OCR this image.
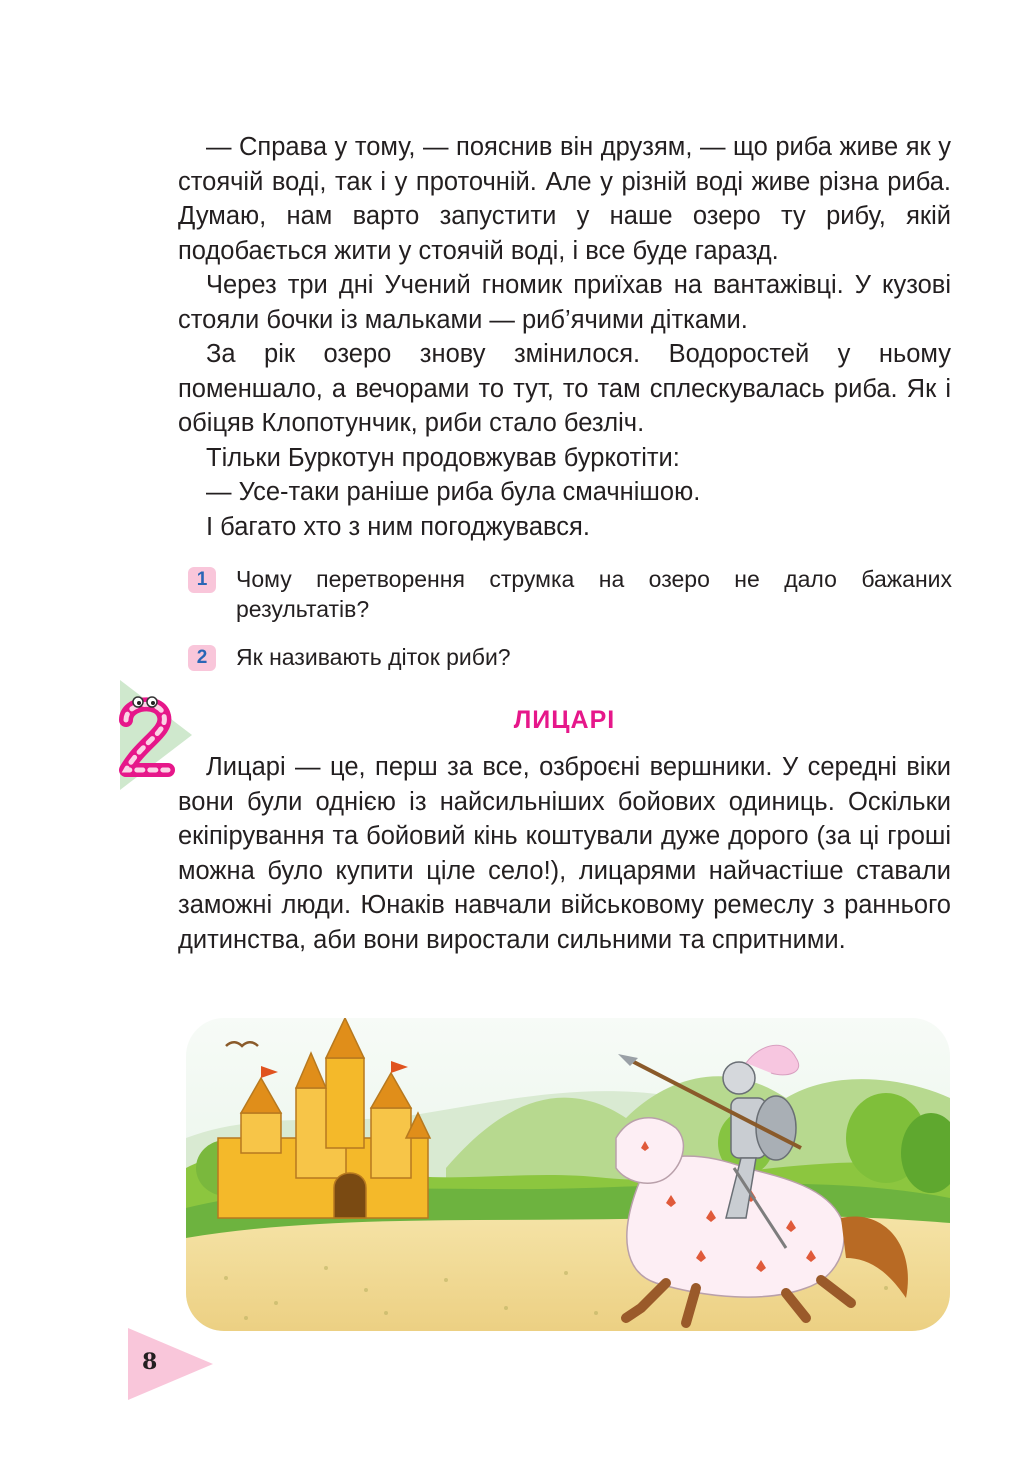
— Справа у тому, — пояснив він друзям, — що риба живе як у стоячій воді, так і у проточній. Але у різній воді живе різна риба. Думаю, нам варто запустити у наше озеро ту рибу, якій подобається жити у стоячій воді, і все буде гаразд.

Через три дні Учений гномик приїхав на вантажівці. У кузові стояли бочки із мальками — риб’ячими дітками.

За рік озеро знову змінилося. Водоростей у ньому поменшало, а вечорами то тут, то там сплескувалась риба. Як і обіцяв Клопотунчик, риби стало безліч.

Тільки Буркотун продовжував буркотіти:

— Усе-таки раніше риба була смачнішою.

І багато хто з ним погоджувався.

1	Чому перетворення струмка на озеро не дало бажаних результатів?
2	Як називають діток риби?
2
ЛИЦАРІ

Лицарі — це, перш за все, озброєні вершники. У середні віки вони були однією із найсильніших бойових одиниць. Оскільки екіпірування та бойовий кінь коштували дуже дорого (за ці гроші можна було купити ціле село!), лицарями найчастіше ставали заможні люди. Юнаків навчали військовому ремеслу з раннього дитинства, аби вони виростали сильними та спритними.

8
